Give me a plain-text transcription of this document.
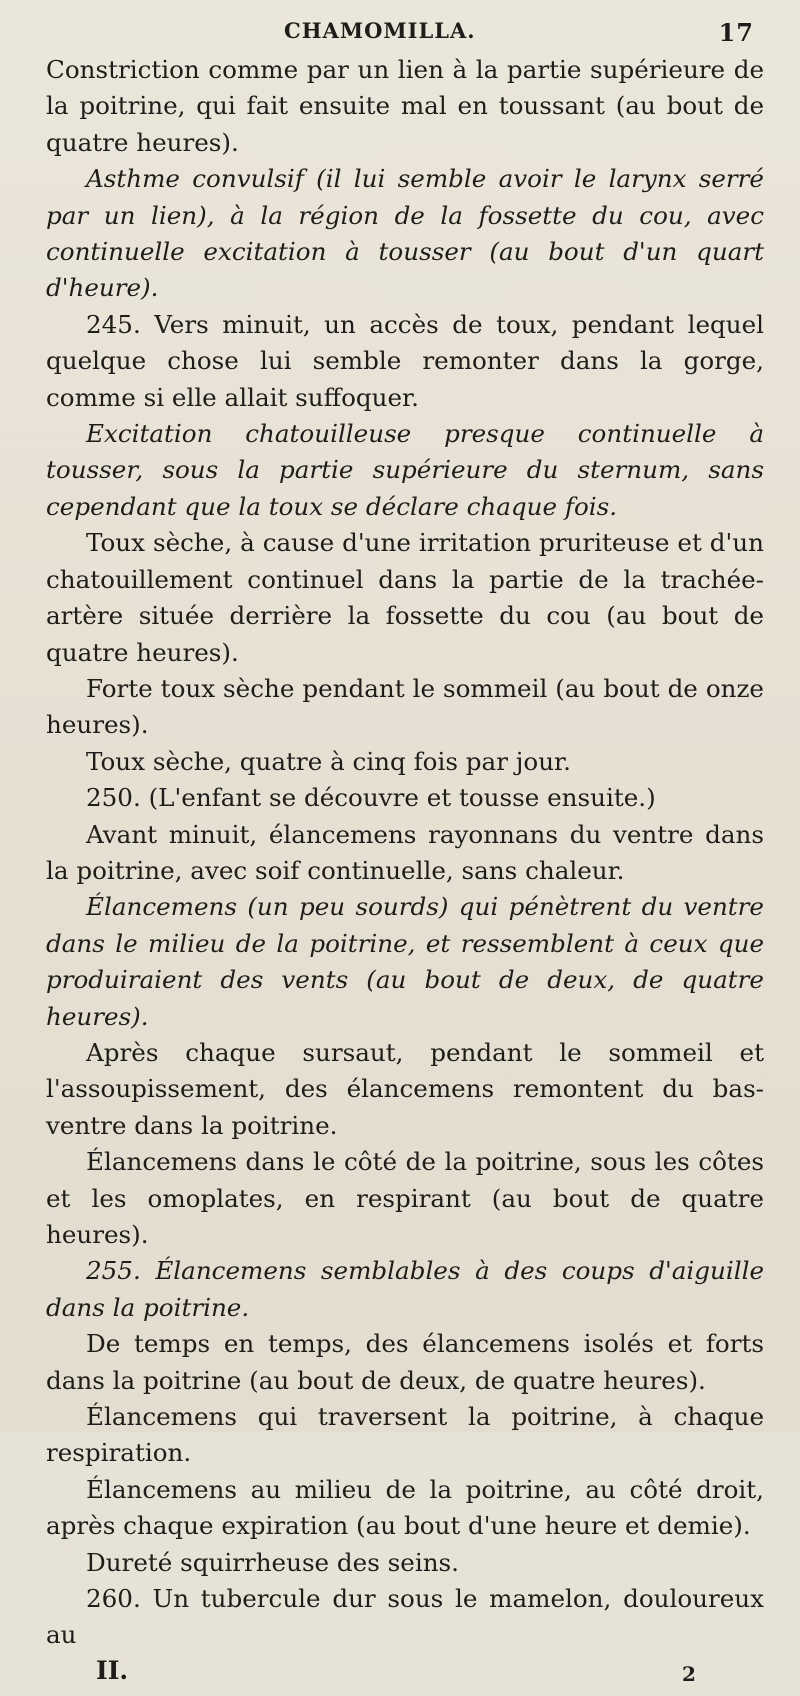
CHAMOMILLA.	17

Constriction comme par un lien à la partie supérieure de la poitrine, qui fait ensuite mal en toussant (au bout de quatre heures).

Asthme convulsif (il lui semble avoir le larynx serré par un lien), à la région de la fossette du cou, avec continuelle excitation à tousser (au bout d'un quart d'heure).

245. Vers minuit, un accès de toux, pendant lequel quelque chose lui semble remonter dans la gorge, comme si elle allait suffoquer.

Excitation chatouilleuse presque continuelle à tousser, sous la partie supérieure du sternum, sans cependant que la toux se déclare chaque fois.

Toux sèche, à cause d'une irritation pruriteuse et d'un chatouillement continuel dans la partie de la trachée-artère située derrière la fossette du cou (au bout de quatre heures).

Forte toux sèche pendant le sommeil (au bout de onze heures).

Toux sèche, quatre à cinq fois par jour.

250. (L'enfant se découvre et tousse ensuite.)

Avant minuit, élancemens rayonnans du ventre dans la poitrine, avec soif continuelle, sans chaleur.

Élancemens (un peu sourds) qui pénètrent du ventre dans le milieu de la poitrine, et ressemblent à ceux que produiraient des vents (au bout de deux, de quatre heures).

Après chaque sursaut, pendant le sommeil et l'assoupissement, des élancemens remontent du bas-ventre dans la poitrine.

Élancemens dans le côté de la poitrine, sous les côtes et les omoplates, en respirant (au bout de quatre heures).

255. Élancemens semblables à des coups d'aiguille dans la poitrine.

De temps en temps, des élancemens isolés et forts dans la poitrine (au bout de deux, de quatre heures).

Élancemens qui traversent la poitrine, à chaque respiration.

Élancemens au milieu de la poitrine, au côté droit, après chaque expiration (au bout d'une heure et demie).

Dureté squirrheuse des seins.

260. Un tubercule dur sous le mamelon, douloureux au

II.	2
